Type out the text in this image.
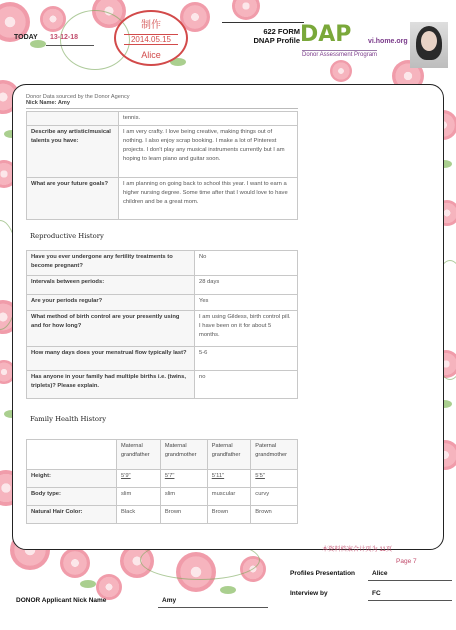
TODAY 13-12-18
制作
2014.05.15
Alice
622 FORM
DNAP Profile DAP vi.home.org
Donor Assessment Program
Donor Data sourced by the Donor Agency
Nick Name: Amy
	tennis.
Describe any artistic/musical talents you have:	I am very crafty. I love being creative, making things out of nothing. I also enjoy scrap booking. I make a lot of Pinterest projects. I don't play any musical instruments currently but I am hoping to learn piano and guitar soon.
What are your future goals?	I am planning on going back to school this year. I want to earn a higher nursing degree. Some time after that I would love to have children and be a great mom.
Reproductive History
Have you ever undergone any fertility treatments to become pregnant?	No
Intervals between periods:	28 days
Are your periods regular?	Yes
What method of birth control are your presently using and for how long?	I am using Gildess, birth control pill. I have been on it for about 5 months.
How many days does your menstrual flow typically last?	5-6
Has anyone in your family had multiple births i.e. (twins, triplets)? Please explain.	no
Family Health History
	Maternal grandfather	Maternal grandmother	Paternal grandfather	Paternal grandmother
Height:	5'9"	5'7"	5'11"	5'5"
Body type:	slim	slim	muscular	curvy
Natural Hair Color:	Black	Brown	Brown	Brown
本资料档案合计页为 11页
Page 7
Profiles Presentation	Alice
Interview by	FC
DONOR Applicant Nick Name	Amy
